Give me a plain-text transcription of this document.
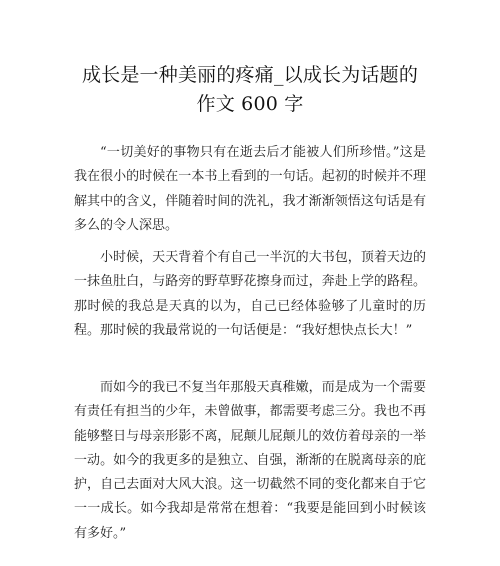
成长是一种美丽的疼痛_以成长为话题的
作文 600 字

“一切美好的事物只有在逝去后才能被人们所珍惜。”这是我在很小的时候在一本书上看到的一句话。起初的时候并不理解其中的含义，伴随着时间的洗礼，我才渐渐领悟这句话是有多么的令人深思。

小时候，天天背着个有自己一半沉的大书包，顶着天边的一抹鱼肚白，与路旁的野草野花擦身而过，奔赴上学的路程。那时候的我总是天真的以为，自己已经体验够了儿童时的历程。那时候的我最常说的一句话便是：“我好想快点长大！”

而如今的我已不复当年那般天真稚嫩，而是成为一个需要有责任有担当的少年，未曾做事，都需要考虑三分。我也不再能够整日与母亲形影不离，屁颠儿屁颠儿的效仿着母亲的一举一动。如今的我更多的是独立、自强，渐渐的在脱离母亲的庇护，自己去面对大风大浪。这一切截然不同的变化都来自于它一一成长。如今我却是常常在想着：“我要是能回到小时候该有多好。”
